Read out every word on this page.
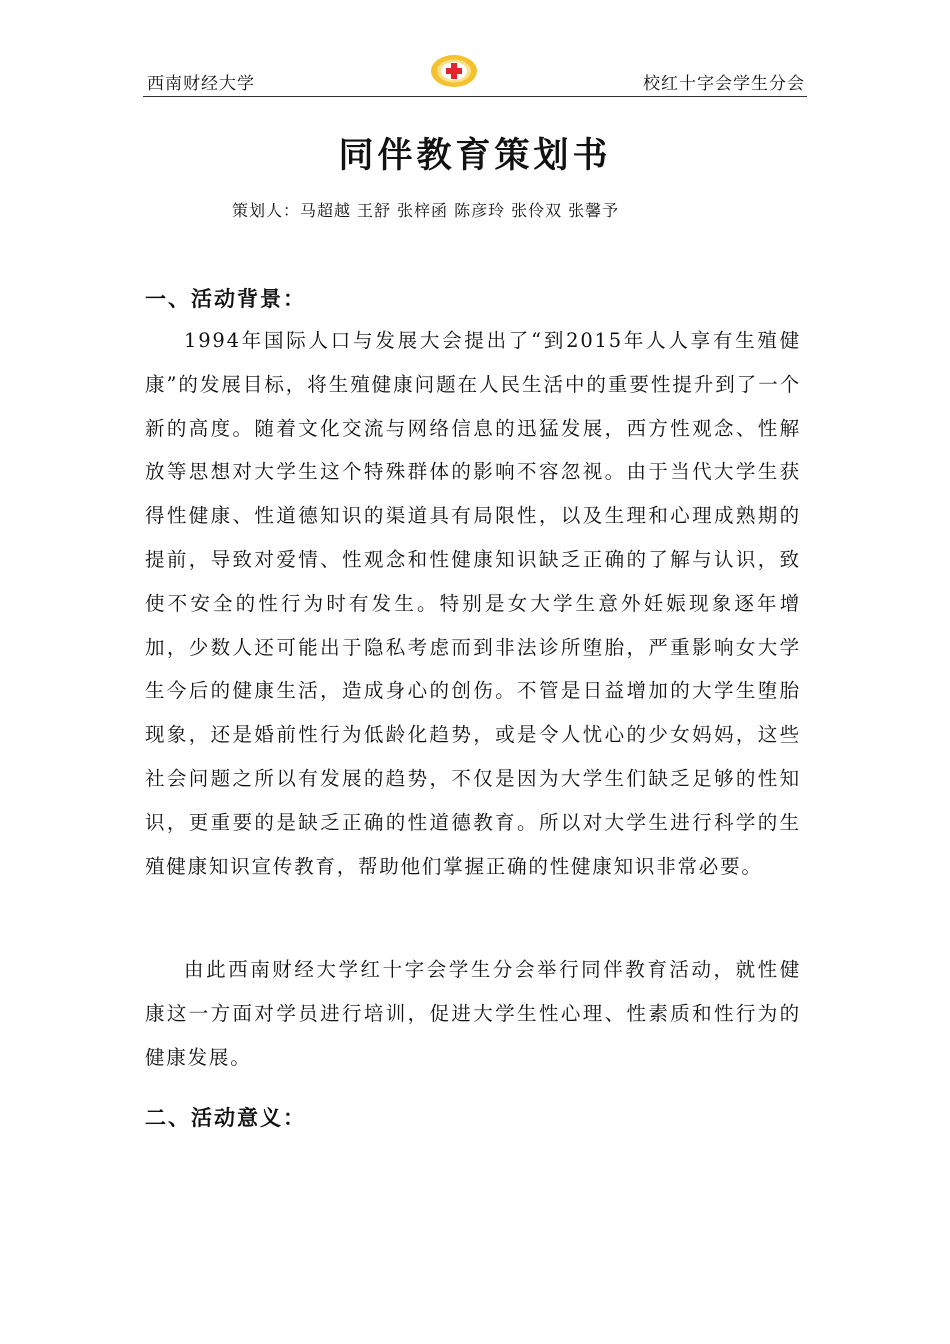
西南财经大学	校红十字会学生分会
同伴教育策划书
策划人：马超越 王舒 张梓函 陈彦玲 张伶双 张馨予
一、活动背景：

1994年国际人口与发展大会提出了“到2015年人人享有生殖健康”的发展目标，将生殖健康问题在人民生活中的重要性提升到了一个新的高度。随着文化交流与网络信息的迅猛发展，西方性观念、性解放等思想对大学生这个特殊群体的影响不容忽视。由于当代大学生获得性健康、性道德知识的渠道具有局限性，以及生理和心理成熟期的提前，导致对爱情、性观念和性健康知识缺乏正确的了解与认识，致使不安全的性行为时有发生。特别是女大学生意外妊娠现象逐年增加，少数人还可能出于隐私考虑而到非法诊所堕胎，严重影响女大学生今后的健康生活，造成身心的创伤。不管是日益增加的大学生堕胎现象，还是婚前性行为低龄化趋势，或是令人忧心的少女妈妈，这些社会问题之所以有发展的趋势，不仅是因为大学生们缺乏足够的性知识，更重要的是缺乏正确的性道德教育。所以对大学生进行科学的生殖健康知识宣传教育，帮助他们掌握正确的性健康知识非常必要。

由此西南财经大学红十字会学生分会举行同伴教育活动，就性健康这一方面对学员进行培训，促进大学生性心理、性素质和性行为的健康发展。

二、活动意义：
